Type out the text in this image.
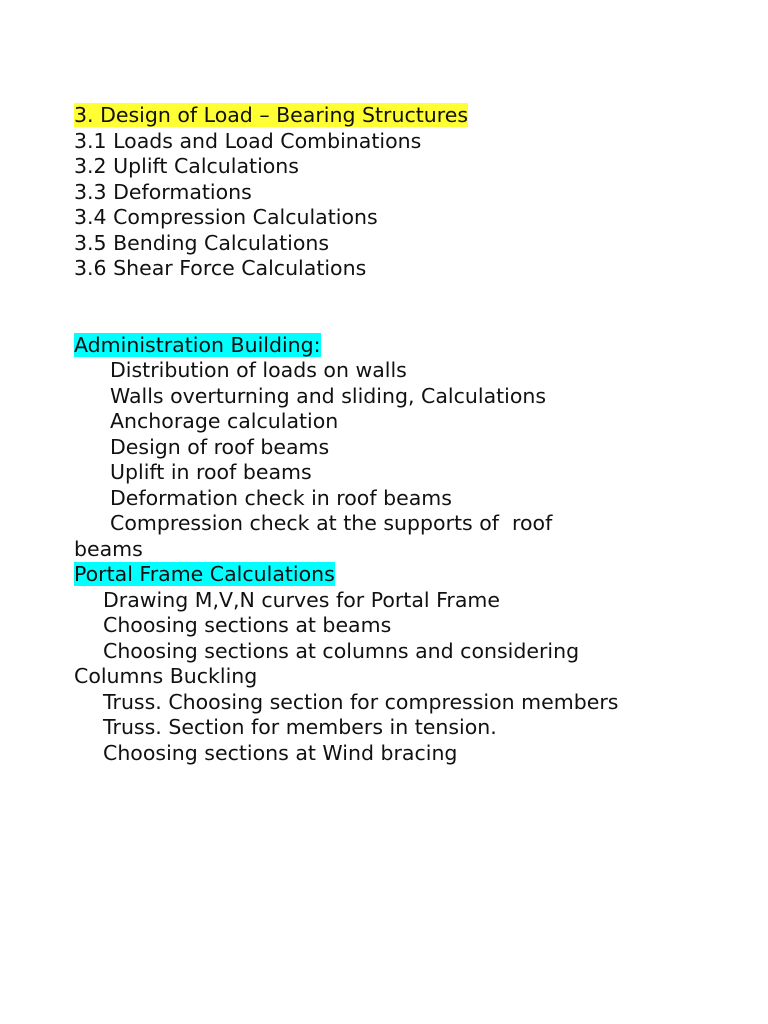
3. Design of Load – Bearing Structures
3.1 Loads and Load Combinations
3.2 Uplift Calculations
3.3 Deformations
3.4 Compression Calculations
3.5 Bending Calculations
3.6 Shear Force Calculations
Administration Building:
Distribution of loads on walls
Walls overturning and sliding, Calculations
Anchorage calculation
Design of roof beams
Uplift in roof beams
Deformation check in roof beams
Compression check at the supports of  roof
beams
Portal Frame Calculations
Drawing M,V,N curves for Portal Frame
Choosing sections at beams
Choosing sections at columns and considering
Columns Buckling
Truss. Choosing section for compression members
Truss. Section for members in tension.
Choosing sections at Wind bracing
